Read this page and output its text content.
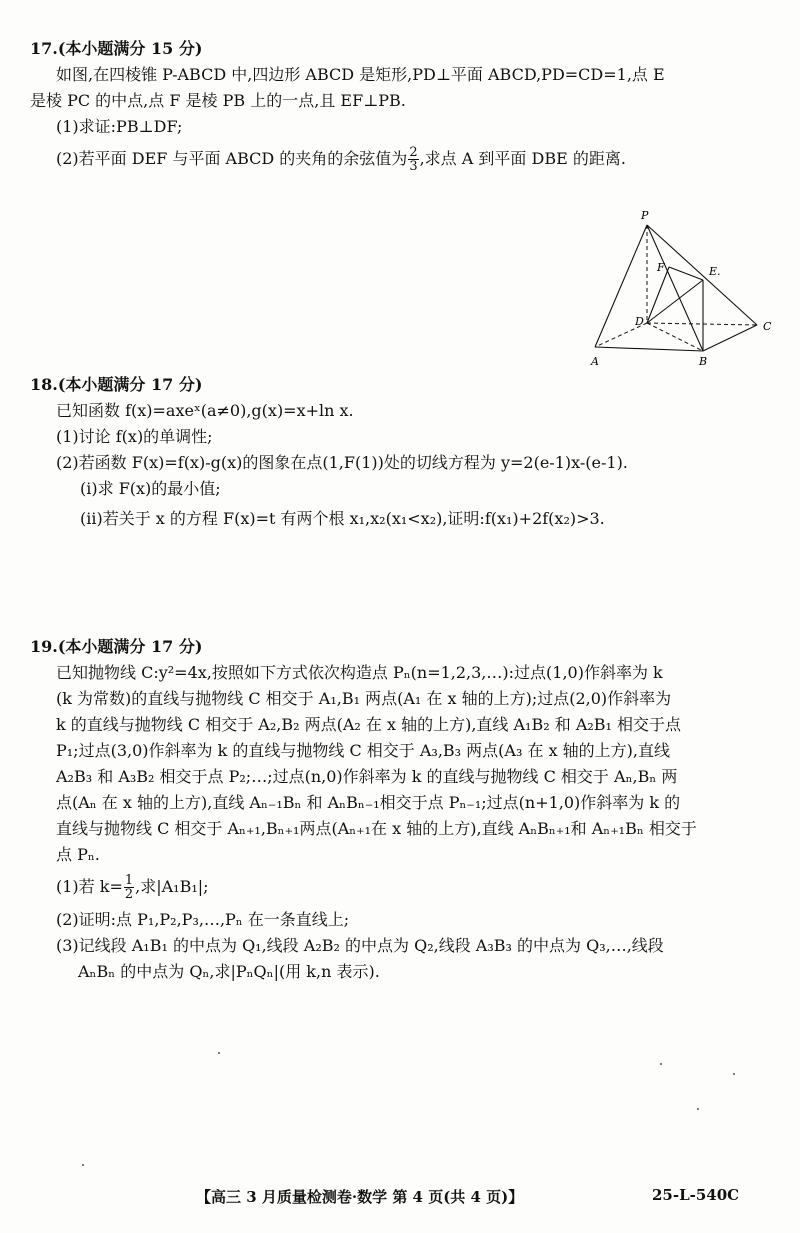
17.(本小题满分 15 分)

如图,在四棱锥 P-ABCD 中,四边形 ABCD 是矩形,PD⊥平面 ABCD,PD=CD=1,点 E

是棱 PC 的中点,点 F 是棱 PB 上的一点,且 EF⊥PB.

(1)求证:PB⊥DF;

(2)若平面 DEF 与平面 ABCD 的夹角的余弦值为 $\frac{2}{3}$ ,求点 A 到平面 DBE 的距离.

P
F	E.
D	C
A	B

18.(本小题满分 17 分)

已知函数 f(x)=axeˣ(a≠0),g(x)=x+ln x.

(1)讨论 f(x)的单调性;

(2)若函数 F(x)=f(x)-g(x)的图象在点(1,F(1))处的切线方程为 y=2(e-1)x-(e-1).

(ⅰ)求 F(x)的最小值;

(ⅱ)若关于 x 的方程 F(x)=t 有两个根 x₁,x₂(x₁<x₂),证明:f(x₁)+2f(x₂)>3.

19.(本小题满分 17 分)

已知抛物线 C:y²=4x,按照如下方式依次构造点 Pₙ(n=1,2,3,…):过点(1,0)作斜率为 k

(k 为常数)的直线与抛物线 C 相交于 A₁,B₁ 两点(A₁ 在 x 轴的上方);过点(2,0)作斜率为

k 的直线与抛物线 C 相交于 A₂,B₂ 两点(A₂ 在 x 轴的上方),直线 A₁B₂ 和 A₂B₁ 相交于点

P₁;过点(3,0)作斜率为 k 的直线与抛物线 C 相交于 A₃,B₃ 两点(A₃ 在 x 轴的上方),直线

A₂B₃ 和 A₃B₂ 相交于点 P₂;…;过点(n,0)作斜率为 k 的直线与抛物线 C 相交于 Aₙ,Bₙ 两

点(Aₙ 在 x 轴的上方),直线 Aₙ₋₁Bₙ 和 AₙBₙ₋₁相交于点 Pₙ₋₁;过点(n+1,0)作斜率为 k 的

直线与抛物线 C 相交于 Aₙ₊₁,Bₙ₊₁两点(Aₙ₊₁在 x 轴的上方),直线 AₙBₙ₊₁和 Aₙ₊₁Bₙ 相交于

点 Pₙ.

(1)若 $k= \frac{1}{2}$ ,求|A₁B₁|;

(2)证明:点 P₁,P₂,P₃,…,Pₙ 在一条直线上;

(3)记线段 A₁B₁ 的中点为 Q₁,线段 A₂B₂ 的中点为 Q₂,线段 A₃B₃ 的中点为 Q₃,…,线段

AₙBₙ 的中点为 Qₙ,求|PₙQₙ|(用 k,n 表示).

【高三 3 月质量检测卷·数学 第 4 页(共 4 页)】	25-L-540C
